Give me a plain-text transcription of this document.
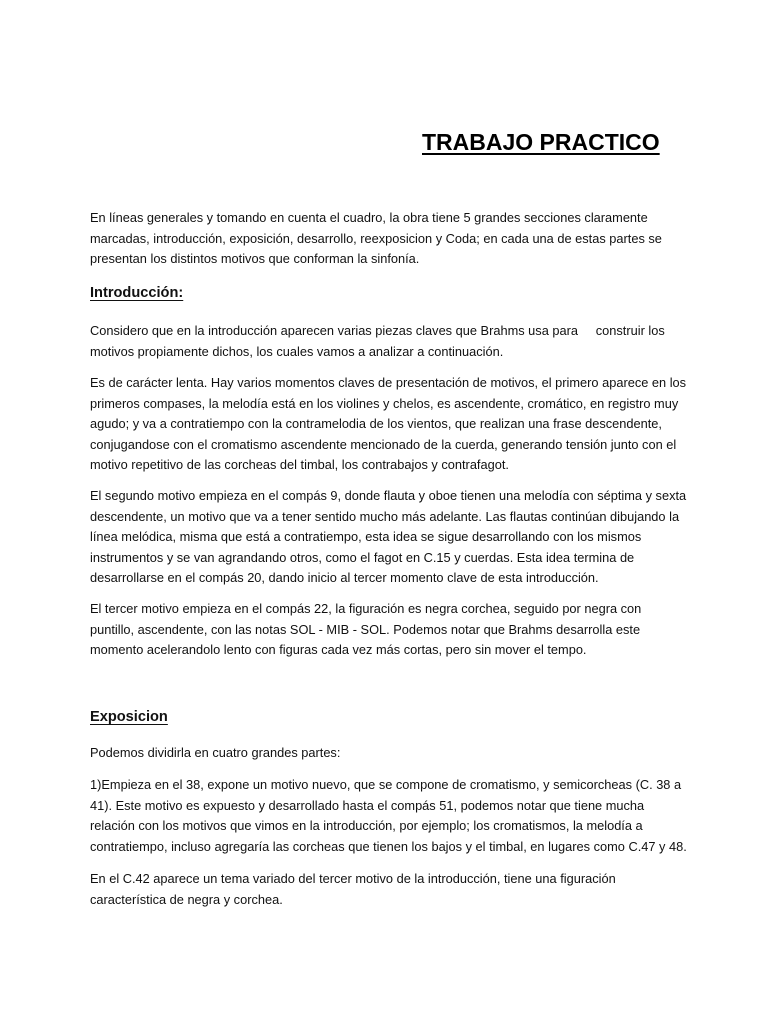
TRABAJO PRACTICO

En líneas generales y tomando en cuenta el cuadro, la obra tiene 5 grandes secciones claramente
marcadas, introducción, exposición, desarrollo, reexposicion y Coda; en cada una de estas partes se
presentan los distintos motivos que conforman la sinfonía.

Introducción:

Considero que en la introducción aparecen varias piezas claves que Brahms usa para     construir los
motivos propiamente dichos, los cuales vamos a analizar a continuación.

Es de carácter lenta. Hay varios momentos claves de presentación de motivos, el primero aparece en los
primeros compases, la melodía está en los violines y chelos, es ascendente, cromático, en registro muy
agudo; y va a contratiempo con la contramelodia de los vientos, que realizan una frase descendente,
conjugandose con el cromatismo ascendente mencionado de la cuerda, generando tensión junto con el
motivo repetitivo de las corcheas del timbal, los contrabajos y contrafagot.

El segundo motivo empieza en el compás 9, donde flauta y oboe tienen una melodía con séptima y sexta
descendente, un motivo que va a tener sentido mucho más adelante. Las flautas continúan dibujando la
línea melódica, misma que está a contratiempo, esta idea se sigue desarrollando con los mismos
instrumentos y se van agrandando otros, como el fagot en C.15 y cuerdas. Esta idea termina de
desarrollarse en el compás 20, dando inicio al tercer momento clave de esta introducción.

El tercer motivo empieza en el compás 22, la figuración es negra corchea, seguido por negra con
puntillo, ascendente, con las notas SOL - MIB - SOL. Podemos notar que Brahms desarrolla este
momento acelerandolo lento con figuras cada vez más cortas, pero sin mover el tempo.

Exposicion

Podemos dividirla en cuatro grandes partes:

1)Empieza en el 38, expone un motivo nuevo, que se compone de cromatismo, y semicorcheas (C. 38 a
41). Este motivo es expuesto y desarrollado hasta el compás 51, podemos notar que tiene mucha
relación con los motivos que vimos en la introducción, por ejemplo; los cromatismos, la melodía a
contratiempo, incluso agregaría las corcheas que tienen los bajos y el timbal, en lugares como C.47 y 48.

En el C.42 aparece un tema variado del tercer motivo de la introducción, tiene una figuración
característica de negra y corchea.
